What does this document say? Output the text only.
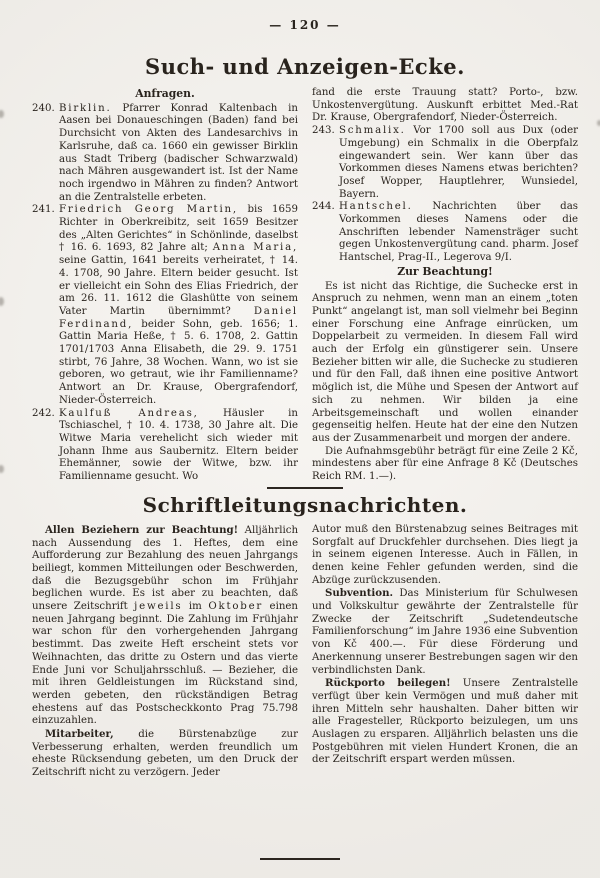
— 120 —
Such- und Anzeigen-Ecke.
Anfragen.
240. Birklin. Pfarrer Konrad Kaltenbach in Aasen bei Donaueschingen (Baden) fand bei Durchsicht von Akten des Landesarchivs in Karlsruhe, daß ca. 1660 ein gewisser Birklin aus Stadt Triberg (badischer Schwarzwald) nach Mähren ausgewandert ist. Ist der Name noch irgendwo in Mähren zu finden? Antwort an die Zentralstelle erbeten.
241. Friedrich Georg Martin, bis 1659 Richter in Oberkreibitz, seit 1659 Besitzer des „Alten Gerichtes“ in Schönlinde, daselbst † 16. 6. 1693, 82 Jahre alt; Anna Maria, seine Gattin, 1641 bereits verheiratet, † 14. 4. 1708, 90 Jahre. Eltern beider gesucht. Ist er vielleicht ein Sohn des Elias Friedrich, der am 26. 11. 1612 die Glashütte von seinem Vater Martin übernimmt? Daniel Ferdinand, beider Sohn, geb. 1656; 1. Gattin Maria Heße, † 5. 6. 1708, 2. Gattin 1701/1703 Anna Elisabeth, die 29. 9. 1751 stirbt, 76 Jahre, 38 Wochen. Wann, wo ist sie geboren, wo getraut, wie ihr Familienname? Antwort an Dr. Krause, Obergrafendorf, Nieder-Österreich.
242. Kaulfuß Andreas, Häusler in Tschiaschel, † 10. 4. 1738, 30 Jahre alt. Die Witwe Maria verehelicht sich wieder mit Johann Ihme aus Saubernitz. Eltern beider Ehemänner, sowie der Witwe, bzw. ihr Familienname gesucht. Wo

fand die erste Trauung statt? Porto-, bzw. Unkostenvergütung. Auskunft erbittet Med.-Rat Dr. Krause, Obergrafendorf, Nieder-Österreich.

243. Schmalix. Vor 1700 soll aus Dux (oder Umgebung) ein Schmalix in die Oberpfalz eingewandert sein. Wer kann über das Vorkommen dieses Namens etwas berichten? Josef Wopper, Hauptlehrer, Wunsiedel, Bayern.
244. Hantschel. Nachrichten über das Vorkommen dieses Namens oder die Anschriften lebender Namensträger sucht gegen Unkostenvergütung cand. pharm. Josef Hantschel, Prag-II., Legerova 9/I.
Zur Beachtung!

Es ist nicht das Richtige, die Suchecke erst in Anspruch zu nehmen, wenn man an einem „toten Punkt“ angelangt ist, man soll vielmehr bei Beginn einer Forschung eine Anfrage einrücken, um Doppelarbeit zu vermeiden. In diesem Fall wird auch der Erfolg ein günstigerer sein. Unsere Bezieher bitten wir alle, die Suchecke zu studieren und für den Fall, daß ihnen eine positive Antwort möglich ist, die Mühe und Spesen der Antwort auf sich zu nehmen. Wir bilden ja eine Arbeitsgemeinschaft und wollen einander gegenseitig helfen. Heute hat der eine den Nutzen aus der Zusammenarbeit und morgen der andere.

Die Aufnahmsgebühr beträgt für eine Zeile 2 Kč, mindestens aber für eine Anfrage 8 Kč (Deutsches Reich RM. 1.—).

Schriftleitungsnachrichten.

Allen Beziehern zur Beachtung! Alljährlich nach Aussendung des 1. Heftes, dem eine Aufforderung zur Bezahlung des neuen Jahrgangs beiliegt, kommen Mitteilungen oder Beschwerden, daß die Bezugsgebühr schon im Frühjahr beglichen wurde. Es ist aber zu beachten, daß unsere Zeitschrift jeweils im Oktober einen neuen Jahrgang beginnt. Die Zahlung im Frühjahr war schon für den vorhergehenden Jahrgang bestimmt. Das zweite Heft erscheint stets vor Weihnachten, das dritte zu Ostern und das vierte Ende Juni vor Schuljahrsschluß. — Bezieher, die mit ihren Geldleistungen im Rückstand sind, werden gebeten, den rückständigen Betrag ehestens auf das Postscheckkonto Prag 75.798 einzuzahlen.

Mitarbeiter, die Bürstenabzüge zur Verbesserung erhalten, werden freundlich um eheste Rücksendung gebeten, um den Druck der Zeitschrift nicht zu verzögern. Jeder

Autor muß den Bürstenabzug seines Beitrages mit Sorgfalt auf Druckfehler durchsehen. Dies liegt ja in seinem eigenen Interesse. Auch in Fällen, in denen keine Fehler gefunden werden, sind die Abzüge zurückzusenden.

Subvention. Das Ministerium für Schulwesen und Volkskultur gewährte der Zentralstelle für Zwecke der Zeitschrift „Sudetendeutsche Familienforschung“ im Jahre 1936 eine Subvention von Kč 400.—. Für diese Förderung und Anerkennung unserer Bestrebungen sagen wir den verbindlichsten Dank.

Rückporto beilegen! Unsere Zentralstelle verfügt über kein Vermögen und muß daher mit ihren Mitteln sehr haushalten. Daher bitten wir alle Fragesteller, Rückporto beizulegen, um uns Auslagen zu ersparen. Alljährlich belasten uns die Postgebühren mit vielen Hundert Kronen, die an der Zeitschrift erspart werden müssen.
